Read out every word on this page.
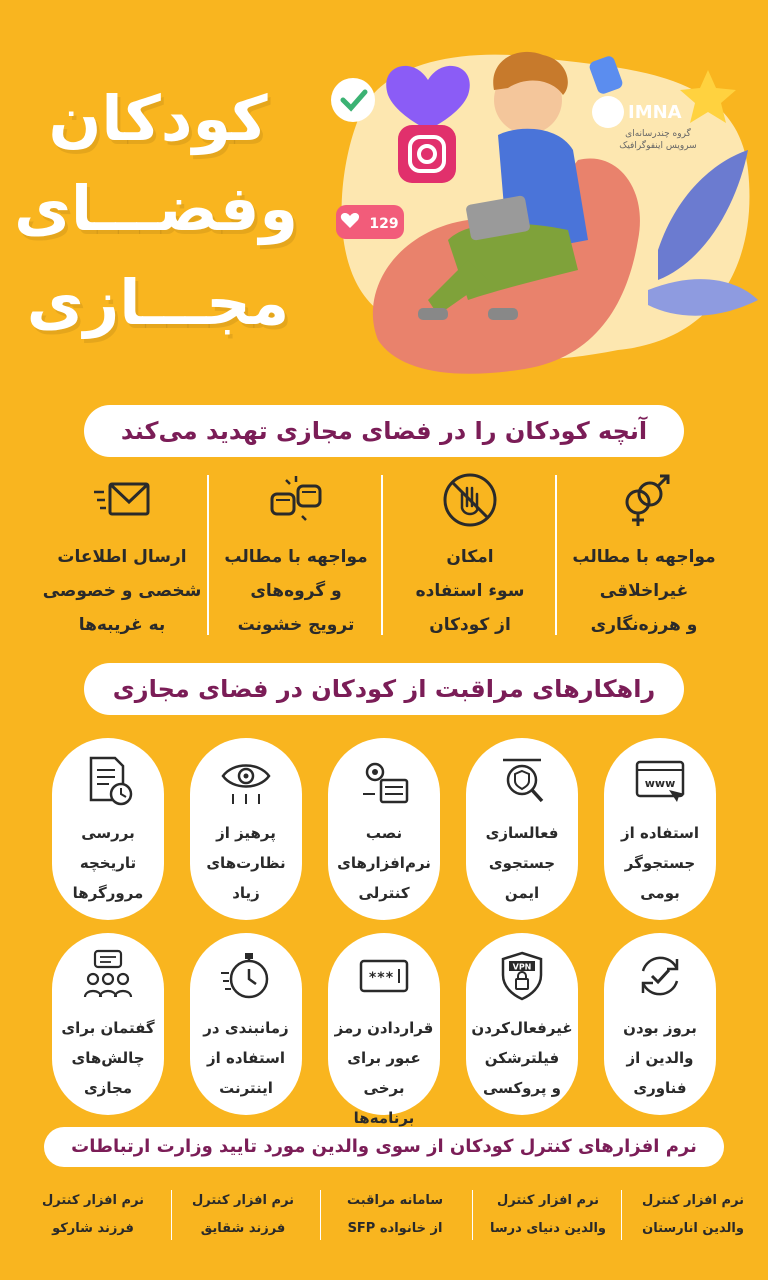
کودکان
وفضـــای
مجـــازی
129
IMNA
گروه چندرسانه‌ای
سرویس اینفوگرافیک
آنچه کودکان را در فضای مجازی تهدید می‌کند
مواجهه با مطالب
غیراخلاقی
و هرزه‌نگاری
امکان
سوء استفاده
از کودکان
مواجهه با مطالب
و گروه‌های
ترویج خشونت
ارسال اطلاعات
شخصی و خصوصی
به غریبه‌ها
راهکارهای مراقبت از کودکان در فضای مجازی
www
استفاده از
جستجوگر
بومی
فعالسازی
جستجوی
ایمن
نصب
نرم‌افزارهای
کنترلی
پرهیز از
نظارت‌های
زیاد
بررسی
تاریخچه
مرورگرها
بروز بودن
والدین از
فناوری
VPN
غیرفعال‌کردن
فیلترشکن
و پروکسی
***
قراردادن رمز
عبور برای برخی
برنامه‌ها
زمانبندی در
استفاده از
اینترنت
گفتمان برای
چالش‌های
مجازی
نرم افزارهای کنترل کودکان از سوی والدین مورد تایید وزارت ارتباطات
نرم افزار کنترل
والدین انارستان
نرم افزار کنترل
والدین دنیای درسا
سامانه مراقبت
از خانواده SFP
نرم افزار کنترل
فرزند شقایق
نرم افزار کنترل
فرزند شارکو
